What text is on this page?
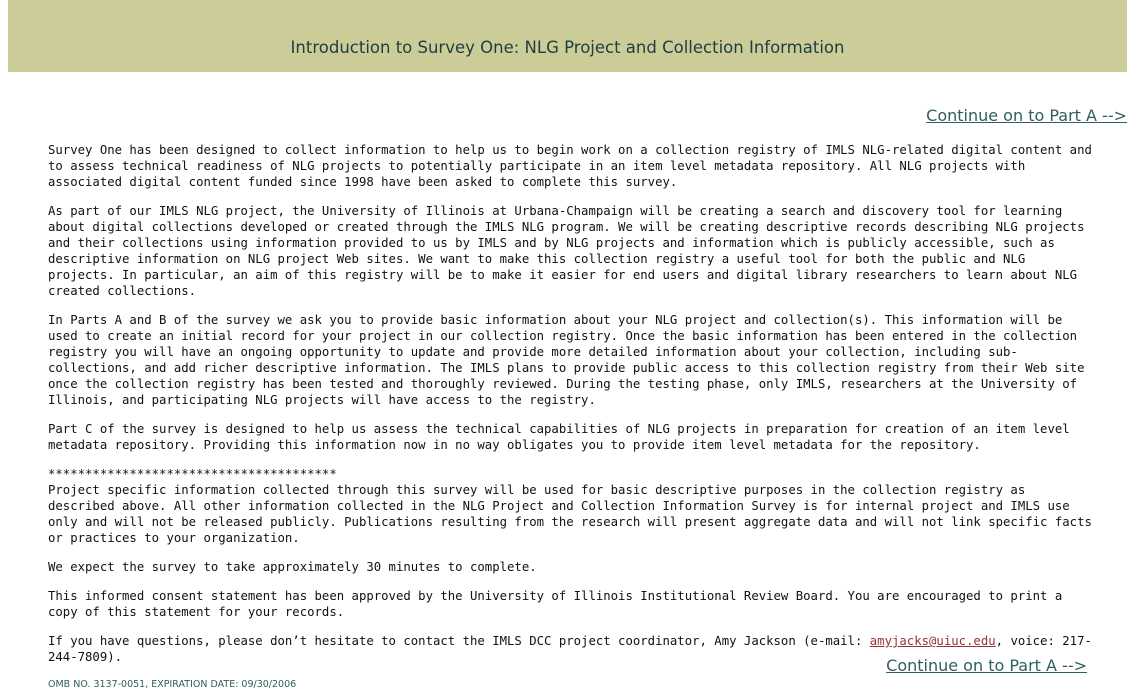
Introduction to Survey One: NLG Project and Collection Information
Continue on to Part A -->

Survey One has been designed to collect information to help us to begin work on a collection registry of IMLS NLG-related digital content and to assess technical readiness of NLG projects to potentially participate in an item level metadata repository. All NLG projects with associated digital content funded since 1998 have been asked to complete this survey.

As part of our IMLS NLG project, the University of Illinois at Urbana-Champaign will be creating a search and discovery tool for learning about digital collections developed or created through the IMLS NLG program. We will be creating descriptive records describing NLG projects and their collections using information provided to us by IMLS and by NLG projects and information which is publicly accessible, such as descriptive information on NLG project Web sites. We want to make this collection registry a useful tool for both the public and NLG projects. In particular, an aim of this registry will be to make it easier for end users and digital library researchers to learn about NLG created collections.

In Parts A and B of the survey we ask you to provide basic information about your NLG project and collection(s). This information will be used to create an initial record for your project in our collection registry. Once the basic information has been entered in the collection registry you will have an ongoing opportunity to update and provide more detailed information about your collection, including sub-collections, and add richer descriptive information. The IMLS plans to provide public access to this collection registry from their Web site once the collection registry has been tested and thoroughly reviewed. During the testing phase, only IMLS, researchers at the University of Illinois, and participating NLG projects will have access to the registry.

Part C of the survey is designed to help us assess the technical capabilities of NLG projects in preparation for creation of an item level metadata repository. Providing this information now in no way obligates you to provide item level metadata for the repository.

***************************************

Project specific information collected through this survey will be used for basic descriptive purposes in the collection registry as described above. All other information collected in the NLG Project and Collection Information Survey is for internal project and IMLS use only and will not be released publicly. Publications resulting from the research will present aggregate data and will not link specific facts or practices to your organization.

We expect the survey to take approximately 30 minutes to complete.

This informed consent statement has been approved by the University of Illinois Institutional Review Board. You are encouraged to print a copy of this statement for your records.

If you have questions, please don’t hesitate to contact the IMLS DCC project coordinator, Amy Jackson (e-mail: amyjacks@uiuc.edu, voice: 217-244-7809).

OMB NO. 3137-0051, EXPIRATION DATE: 09/30/2006
Continue on to Part A -->
